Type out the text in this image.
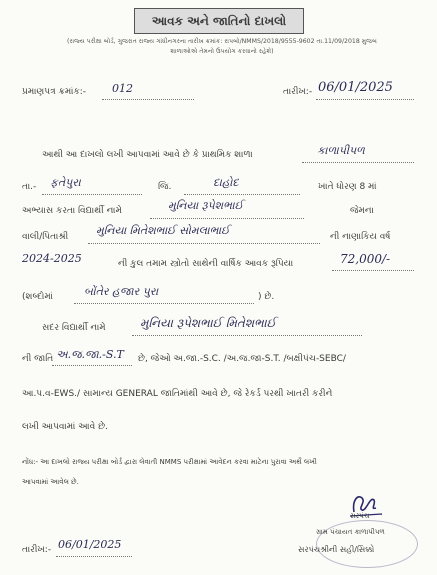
આવક અને જાતિનો દાખલો
(રાજ્ય પરીક્ષા બોર્ડ, ગુજરાત રાજ્ય ગાંધીનગરના તારીખ ક્રમાંક: રાપબો/NMMS/2018/9555-9602 તા.11/09/2018 મુજબ
શાળાઓએ તેમનો ઉપયોગ કરવાનો રહેશે)
પ્રમાણપત્ર ક્રમાંક:- 012	તારીખ:- 06/01/2025
આથી આ દાખલો લખી આપવામાં આવે છે કે પ્રાથમિક શાળા	કાળાપીપળ
તા.- ફતેપુરા	જિ.	દાહોદ	ખાતે ધોરણ 8 માં
અભ્યાસ કરતા વિદ્યાર્થી નામે	મુનિયા રૂપેશભાઈ	જેમના
વાલી/પિતાશ્રી	મુનિયા મિતેશભાઈ સોમલાભાઈ	ની નાણાકિય વર્ષ
2024-2025	ની કુલ તમામ સ્ત્રોતો સાથેની વાર્ષિક આવક રૂપિયા	72,000/-
(શબ્દોમાં	બોંતેર હજાર પુરા	) છે.
સદર વિદ્યાર્થી નામે	મુનિયા રૂપેશભાઈ મિતેશભાઈ
ની જાતિ અ.જ.જા.-S.T છે, જેઓ અ.જા.-S.C. /અ.જ.જા-S.T. /બક્ષીપંચ-SEBC/
આ.પ.વ-EWS./ સામાન્ય GENERAL જાતિમાંથી આવે છે, જે રેકર્ડ પરથી ખાતરી કરીને
લખી આપવામાં આવે છે.
નોંધ:- આ દાખલો રાજ્ય પરીક્ષા બોર્ડ દ્વારા લેવાતી NMMS પરીક્ષામાં આવેદન કરવા માટેના પુરાવા અર્થે લખી
આપવામાં આવેલ છે.
સરપંચ
ગ્રામ પંચાયત કાળાપીપળ
સરપંચશ્રીની સહી/સિક્કો
તારીખ:- 06/01/2025
